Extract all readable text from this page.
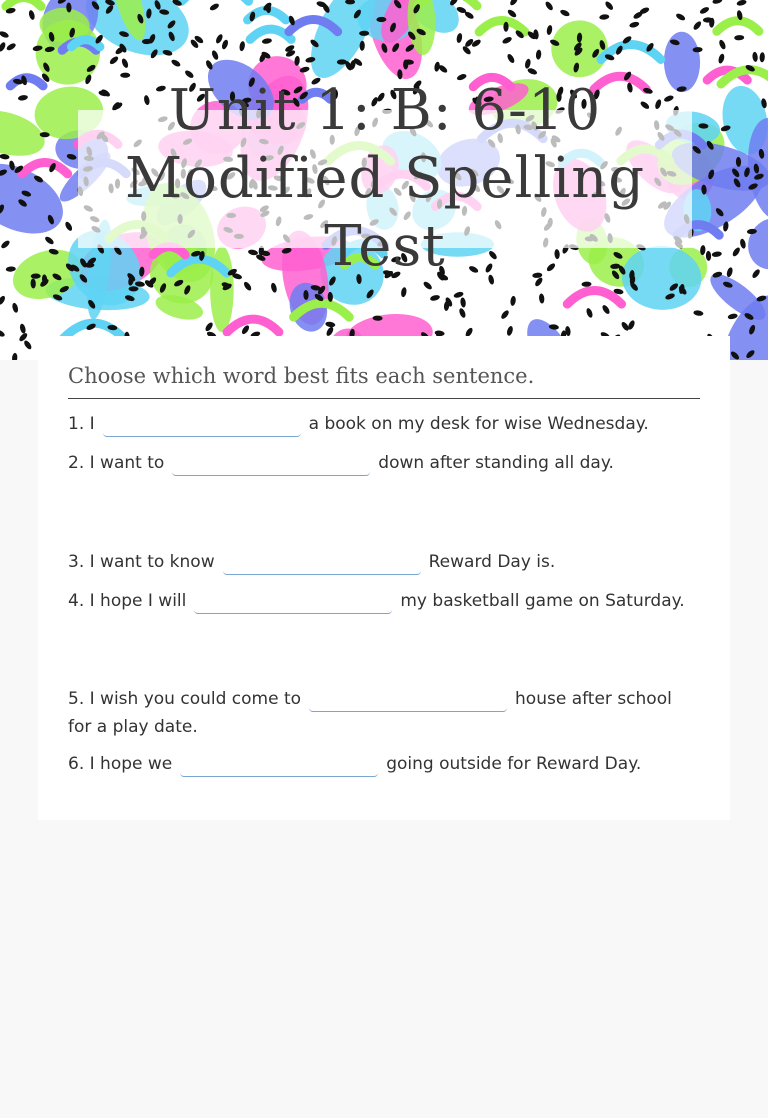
Unit 1: B: 6-10 Modified Spelling Test
Choose which word best fits each sentence.
1. I	a book on my desk for wise Wednesday.
2. I want to	down after standing all day.
3. I want to know	Reward Day is.
4. I hope I will	my basketball game on Saturday.
5. I wish you could come to	house after school for a play date.
6. I hope we	going outside for Reward Day.
